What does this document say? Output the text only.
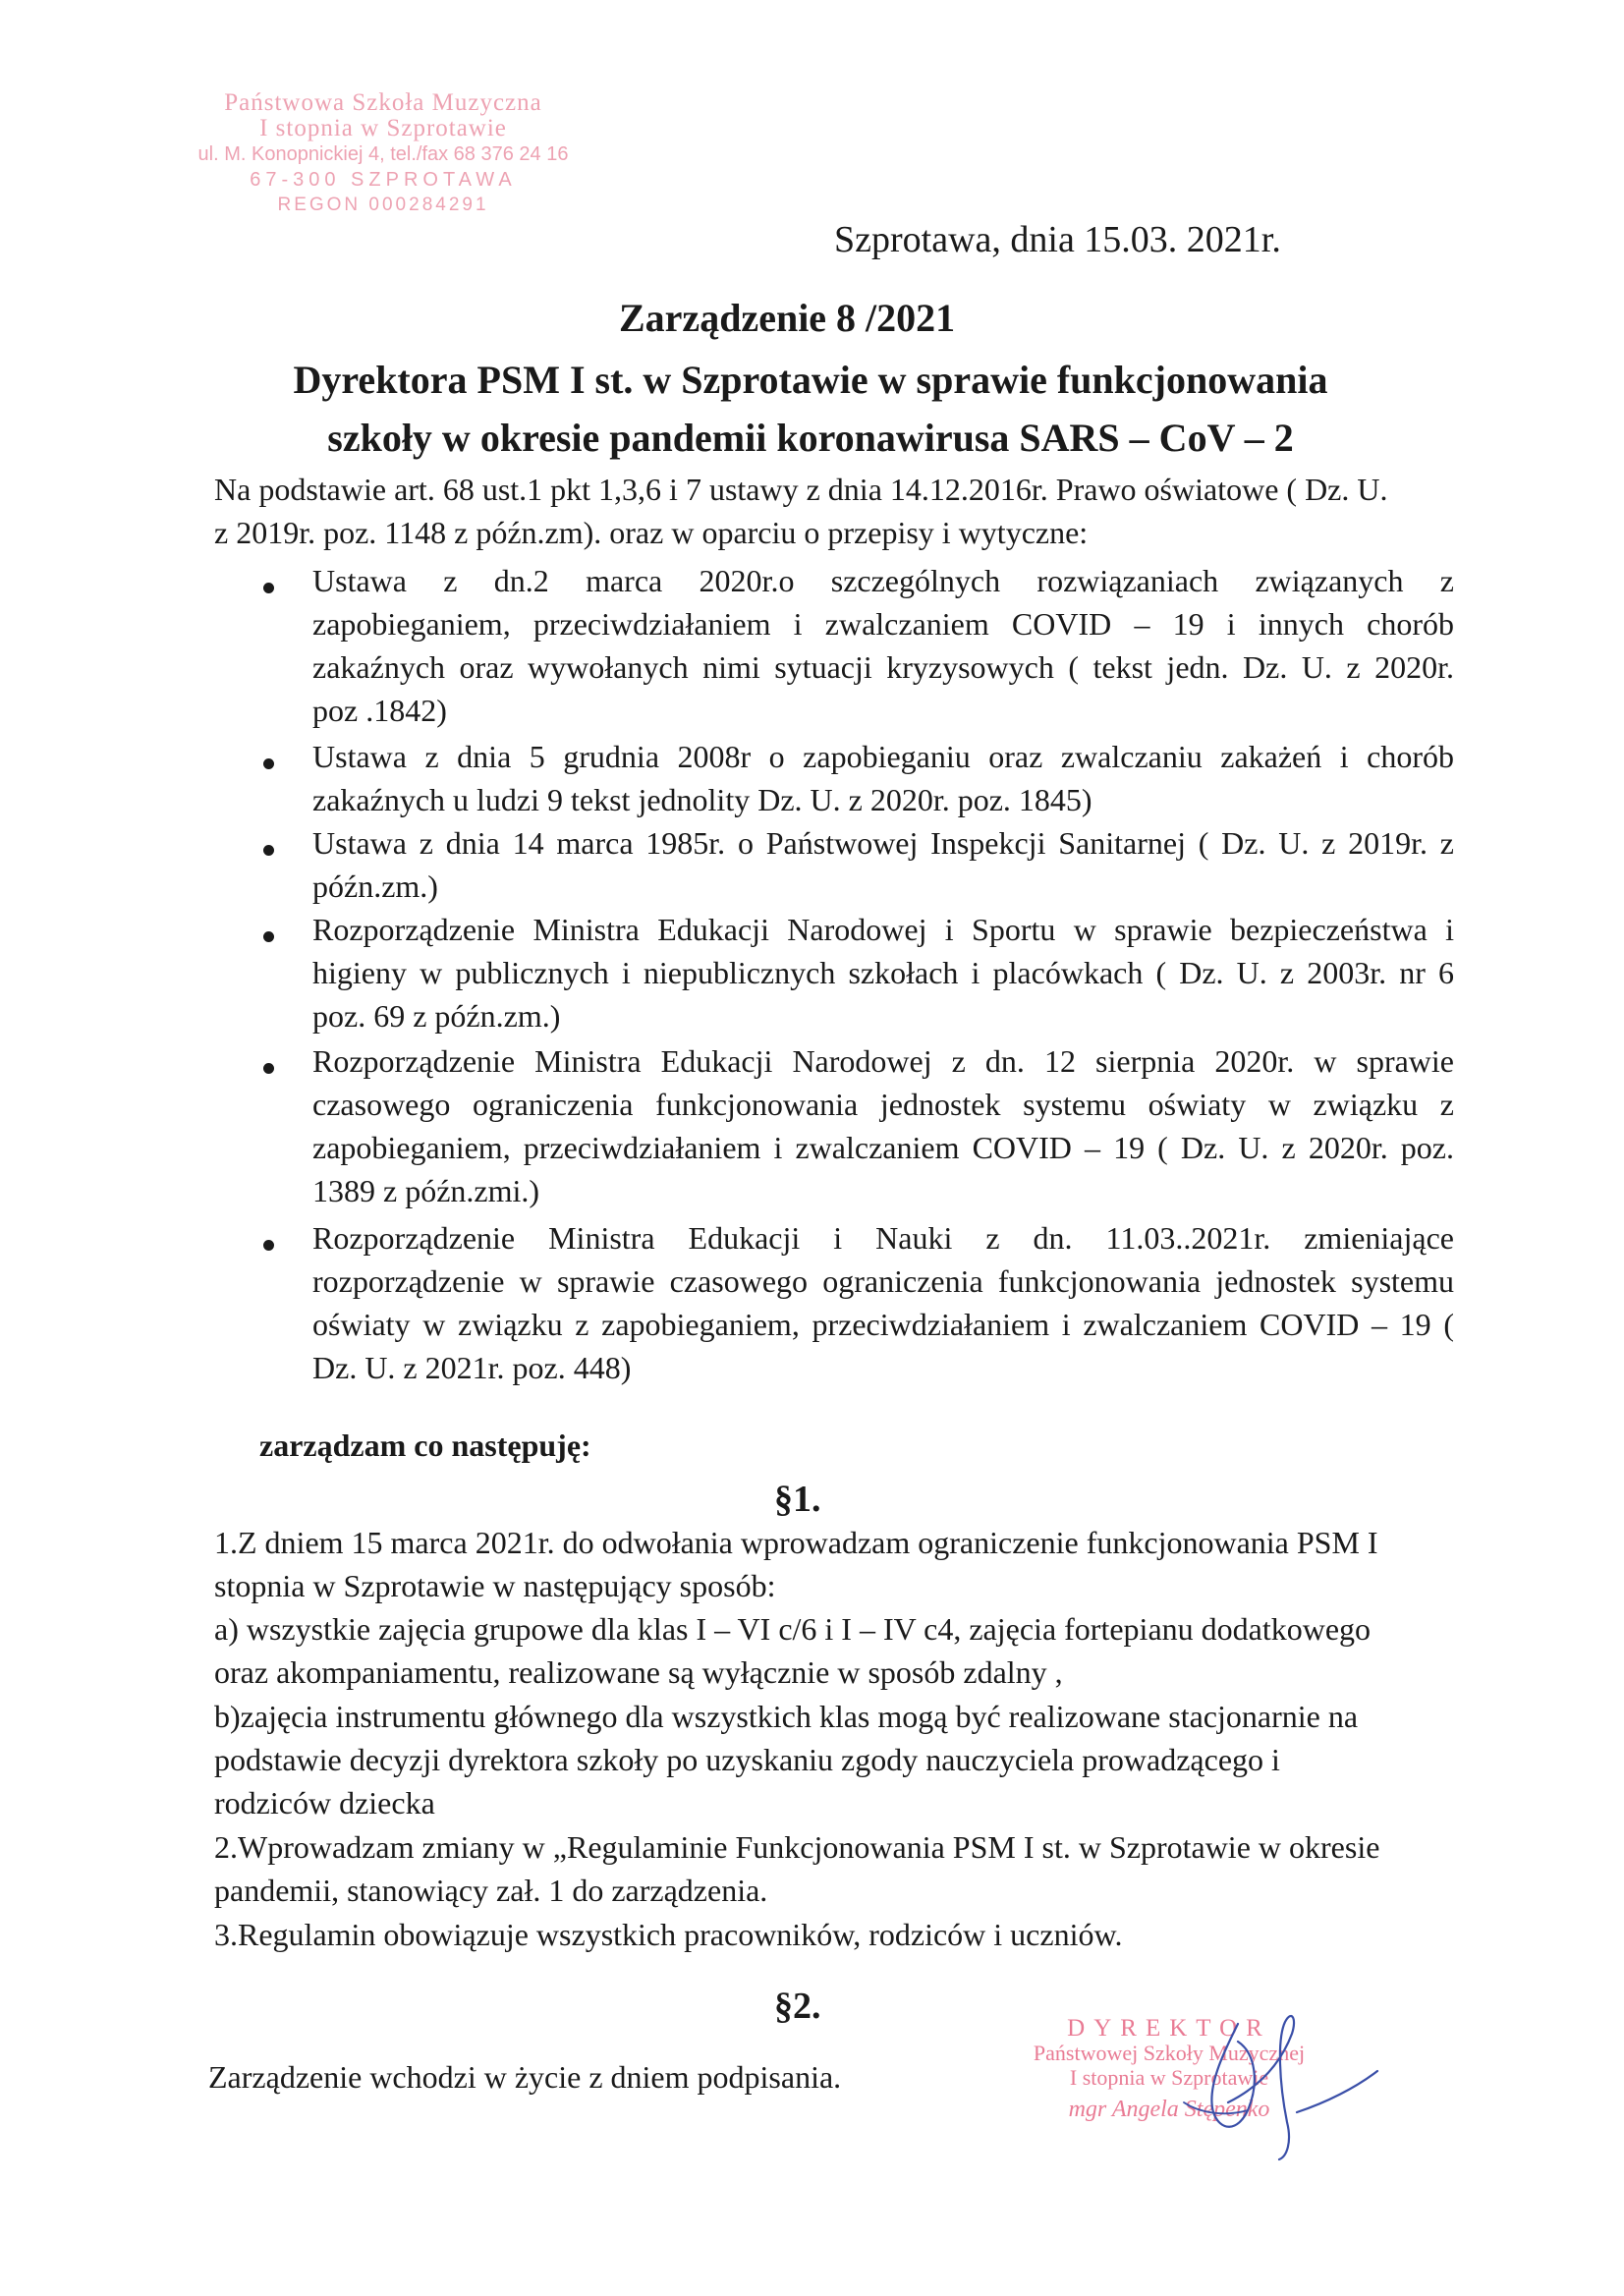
Państwowa Szkoła Muzyczna
I stopnia w Szprotawie
ul. M. Konopnickiej 4, tel./fax 68 376 24 16
67-300 SZPROTAWA
REGON 000284291
Szprotawa, dnia 15.03. 2021r.
Zarządzenie 8 /2021
Dyrektora PSM I st. w Szprotawie w sprawie funkcjonowania
szkoły w okresie pandemii koronawirusa SARS – CoV – 2
Na podstawie art. 68 ust.1 pkt 1,3,6 i 7 ustawy z dnia 14.12.2016r. Prawo oświatowe ( Dz. U.
z 2019r. poz. 1148 z późn.zm). oraz w oparciu o przepisy i wytyczne:
Ustawa z dn.2 marca 2020r.o szczególnych rozwiązaniach związanych z
zapobieganiem, przeciwdziałaniem i zwalczaniem COVID – 19 i innych chorób
zakaźnych oraz wywołanych nimi sytuacji kryzysowych ( tekst jedn. Dz. U. z 2020r.
poz .1842)
Ustawa z dnia 5 grudnia 2008r o zapobieganiu oraz zwalczaniu zakażeń i chorób
zakaźnych u ludzi 9 tekst jednolity Dz. U. z 2020r. poz. 1845)
Ustawa z dnia 14 marca 1985r. o Państwowej Inspekcji Sanitarnej ( Dz. U. z 2019r. z
późn.zm.)
Rozporządzenie Ministra Edukacji Narodowej i Sportu w sprawie bezpieczeństwa i
higieny w publicznych i niepublicznych szkołach i placówkach ( Dz. U. z 2003r. nr 6
poz. 69 z późn.zm.)
Rozporządzenie Ministra Edukacji Narodowej z dn. 12 sierpnia 2020r. w sprawie
czasowego ograniczenia funkcjonowania jednostek systemu oświaty w związku z
zapobieganiem, przeciwdziałaniem i zwalczaniem COVID – 19 ( Dz. U. z 2020r. poz.
1389 z późn.zmi.)
Rozporządzenie Ministra Edukacji i Nauki z dn. 11.03..2021r. zmieniające
rozporządzenie w sprawie czasowego ograniczenia funkcjonowania jednostek systemu
oświaty w związku z zapobieganiem, przeciwdziałaniem i zwalczaniem COVID – 19 (
Dz. U. z 2021r. poz. 448)
zarządzam co następuję:
§1.
1.Z dniem 15 marca 2021r. do odwołania wprowadzam ograniczenie funkcjonowania PSM I
stopnia w Szprotawie w następujący sposób:
a) wszystkie zajęcia grupowe dla klas I – VI c/6 i I – IV c4, zajęcia fortepianu dodatkowego
oraz akompaniamentu, realizowane są wyłącznie w sposób zdalny ,
b)zajęcia instrumentu głównego dla wszystkich klas mogą być realizowane stacjonarnie na
podstawie decyzji dyrektora szkoły po uzyskaniu zgody nauczyciela prowadzącego i
rodziców dziecka
2.Wprowadzam zmiany w „Regulaminie Funkcjonowania PSM I st. w Szprotawie w okresie
pandemii, stanowiący zał. 1 do zarządzenia.
3.Regulamin obowiązuje wszystkich pracowników, rodziców i uczniów.
§2.
Zarządzenie wchodzi w życie z dniem podpisania.
DYREKTOR
Państwowej Szkoły Muzycznej
I stopnia w Szprotawie
mgr Angela Stępenko
